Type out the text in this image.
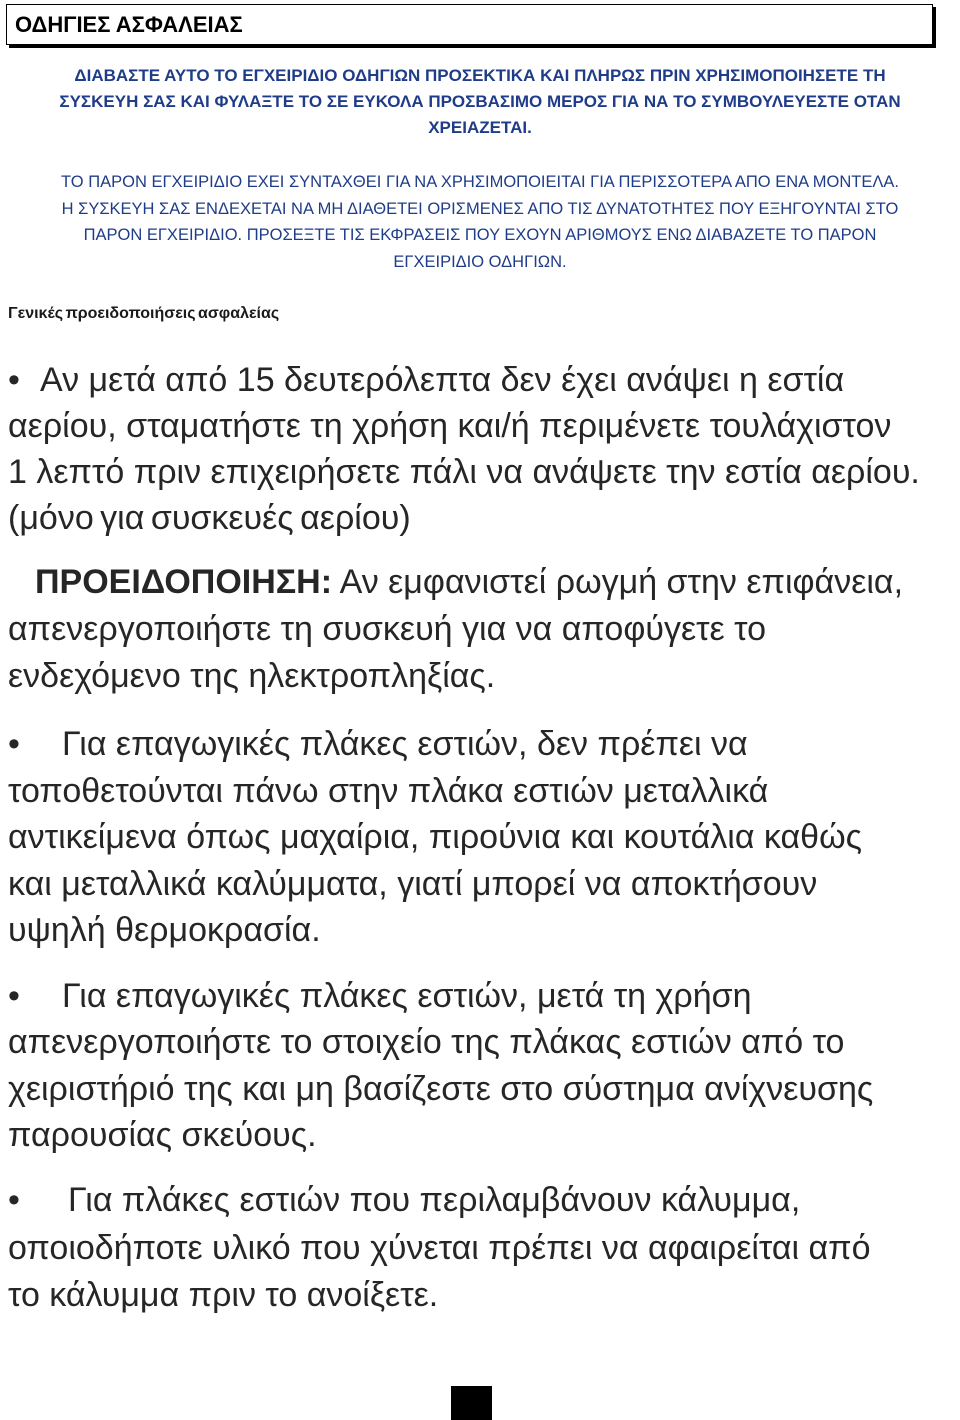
ΟΔΗΓΙΕΣ ΑΣΦΑΛΕΙΑΣ
ΔΙΑΒΑΣΤΕ ΑΥΤΟ ΤΟ ΕΓΧΕΙΡΙΔΙΟ ΟΔΗΓΙΩΝ ΠΡΟΣΕΚΤΙΚΑ ΚΑΙ ΠΛΗΡΩΣ ΠΡΙΝ ΧΡΗΣΙΜΟΠΟΙΗΣΕΤΕ ΤΗ
ΣΥΣΚΕΥΗ ΣΑΣ ΚΑΙ ΦΥΛΑΞΤΕ ΤΟ ΣΕ ΕΥΚΟΛΑ ΠΡΟΣΒΑΣΙΜΟ ΜΕΡΟΣ ΓΙΑ ΝΑ ΤΟ ΣΥΜΒΟΥΛΕΥΕΣΤΕ ΟΤΑΝ
ΧΡΕΙΑΖΕΤΑΙ.
ΤΟ ΠΑΡΟΝ ΕΓΧΕΙΡΙΔΙΟ ΕΧΕΙ ΣΥΝΤΑΧΘΕΙ ΓΙΑ ΝΑ ΧΡΗΣΙΜΟΠΟΙΕΙΤΑΙ ΓΙΑ ΠΕΡΙΣΣΟΤΕΡΑ ΑΠΟ ΕΝΑ ΜΟΝΤΕΛΑ.
Η ΣΥΣΚΕΥΗ ΣΑΣ ΕΝΔΕΧΕΤΑΙ ΝΑ ΜΗ ΔΙΑΘΕΤΕΙ ΟΡΙΣΜΕΝΕΣ ΑΠΟ ΤΙΣ ΔΥΝΑΤΟΤΗΤΕΣ ΠΟΥ ΕΞΗΓΟΥΝΤΑΙ ΣΤΟ
ΠΑΡΟΝ ΕΓΧΕΙΡΙΔΙΟ. ΠΡΟΣΕΞΤΕ ΤΙΣ ΕΚΦΡΑΣΕΙΣ ΠΟΥ ΕΧΟΥΝ ΑΡΙΘΜΟΥΣ ΕΝΩ ΔΙΑΒΑΖΕΤΕ ΤΟ ΠΑΡΟΝ
ΕΓΧΕΙΡΙΔΙΟ ΟΔΗΓΙΩΝ.
Γενικές προειδοποιήσεις ασφαλείας
• Αν μετά από 15 δευτερόλεπτα δεν έχει ανάψει η εστία
αερίου, σταματήστε τη χρήση και/ή περιμένετε τουλάχιστον
1 λεπτό πριν επιχειρήσετε πάλι να ανάψετε την εστία αερίου.
(μόνο για συσκευές αερίου)
ΠΡΟΕΙΔΟΠΟΙΗΣΗ: Αν εμφανιστεί ρωγμή στην επιφάνεια,
απενεργοποιήστε τη συσκευή για να αποφύγετε το
ενδεχόμενο της ηλεκτροπληξίας.
• Για επαγωγικές πλάκες εστιών, δεν πρέπει να
τοποθετούνται πάνω στην πλάκα εστιών μεταλλικά
αντικείμενα όπως μαχαίρια, πιρούνια και κουτάλια καθώς
και μεταλλικά καλύμματα, γιατί μπορεί να αποκτήσουν
υψηλή θερμοκρασία.
• Για επαγωγικές πλάκες εστιών, μετά τη χρήση
απενεργοποιήστε το στοιχείο της πλάκας εστιών από το
χειριστήριό της και μη βασίζεστε στο σύστημα ανίχνευσης
παρουσίας σκεύους.
• Για πλάκες εστιών που περιλαμβάνουν κάλυμμα,
οποιοδήποτε υλικό που χύνεται πρέπει να αφαιρείται από
το κάλυμμα πριν το ανοίξετε.
